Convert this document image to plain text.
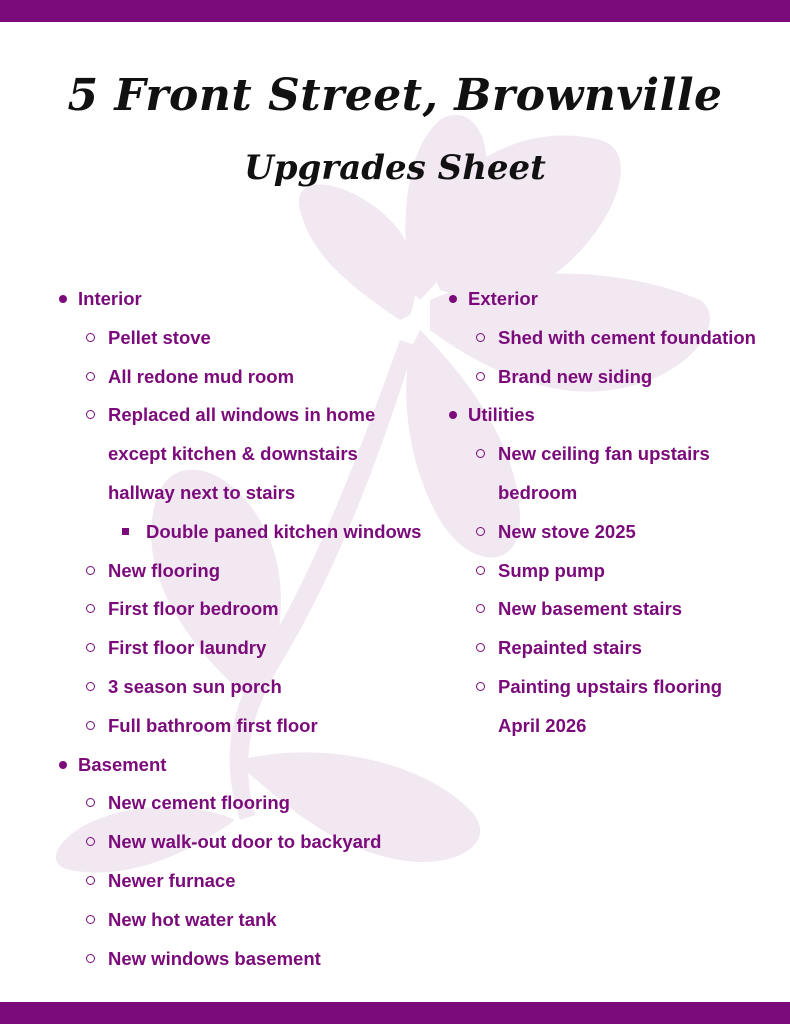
5 Front Street, Brownville
Upgrades Sheet
Interior
Pellet stove
All redone mud room
Replaced all windows in home except kitchen & downstairs hallway next to stairs
Double paned kitchen windows
New flooring
First floor bedroom
First floor laundry
3 season sun porch
Full bathroom first floor
Basement
New cement flooring
New walk-out door to backyard
Newer furnace
New hot water tank
New windows basement
Exterior
Shed with cement foundation
Brand new siding
Utilities
New ceiling fan upstairs bedroom
New stove 2025
Sump pump
New basement stairs
Repainted stairs
Painting upstairs flooring April 2026
